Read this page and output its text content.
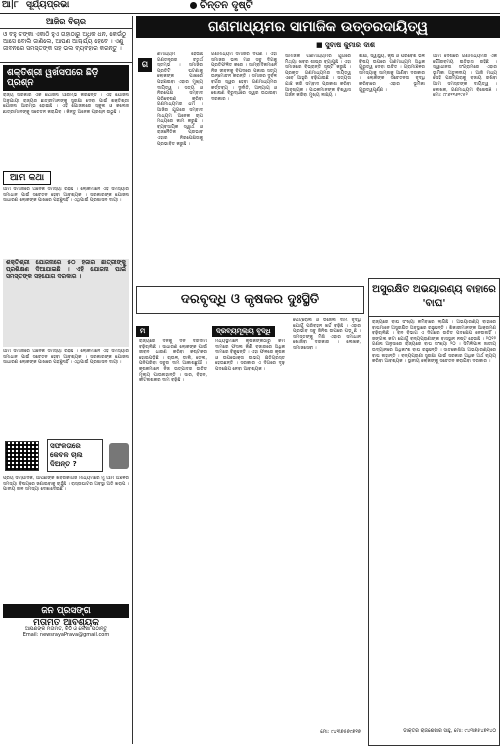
ଆ|୮ ସୂର୍ଯ୍ୟପ୍ରଭା	ଚିନ୍ତନ ଦୃଷ୍ଟି
ଆଜିର ବିଚାର
ଓ ବହୁ ଟଙ୍କା ଏକାଠି ହୁଏ ତାହାଠାରୁ ଅଧିକ ଧନ, କେଉଁଠୁ ଆସେ ବୋଲି ଜାଣିଲେ, ଆପଣ ଆଶ୍ଚର୍ଯ୍ୟ ହେବେ । ଏଣୁ ଜୀବନରେ ସମସ୍ତଙ୍କ ସହ ଭଲ ବ୍ୟବହାର କରନ୍ତୁ ।
ଶକ୍ତିଶ୍ରୀ ୱର୍ଖସପରେ ଛିଡ଼ି ପ୍ରଶ୍ନ
ରାଜ୍ୟ ସରକାର ଏକ ଯୋଜନା ଆରମ୍ଭ କରିଛନ୍ତି । ଏହି ଯୋଜନା ଅନୁଯାୟୀ ରାଜ୍ୟର ଛାତ୍ରୀମାନଙ୍କୁ ସୁରକ୍ଷା ଦେବା ପାଇଁ ଶକ୍ତିଶ୍ରୀ ଯୋଜନା ଆରମ୍ଭ ହୋଇଛି । ଏହି ଯୋଜନାରେ ସ୍କୁଲ ଓ କଲେଜ ଛାତ୍ରୀମାନଙ୍କୁ ସଚେତନ କରାଯିବ । କିନ୍ତୁ ଅନେକ ପ୍ରଶ୍ନ ଉଠୁଛି ।
ଆମ କଥା
ଆମ ସମାଜରେ ଅନେକ ସମସ୍ୟା ରହିଛି । ଲୋକମାନେ ଏହି ସମସ୍ୟାର ସମାଧାନ ପାଇଁ ସଚେତନ ହେବା ଆବଶ୍ୟକ । ସରକାରଙ୍କ ଯୋଜନା ସାଧାରଣ ଲୋକଙ୍କ ପାଖରେ ପହଞ୍ଚୁନାହିଁ । ଏଥିପାଇଁ ପ୍ରଶାସନ ଦାୟୀ ।
ଶକ୍ତିଶ୍ରୀ ଯୋଜନାରେ ୫୦ ହଜାର ଛାତ୍ରୀଙ୍କୁ ପ୍ରଶିକ୍ଷଣ ଦିଆଯାଇଛି । ଏହି ଯୋଜନା ପାଇଁ ସମସ୍ତଙ୍କ ସହଯୋଗ ଦରକାର ।
ଆମ ସମାଜରେ ଅନେକ ସମସ୍ୟା ରହିଛି । ଲୋକମାନେ ଏହି ସମସ୍ୟାର ସମାଧାନ ପାଇଁ ସଚେତନ ହେବା ଆବଶ୍ୟକ । ସରକାରଙ୍କ ଯୋଜନା ସାଧାରଣ ଲୋକଙ୍କ ପାଖରେ ପହଞ୍ଚୁନାହିଁ । ଏଥିପାଇଁ ପ୍ରଶାସନ ଦାୟୀ ।
ସଫଳତାରେ କେବଳ ଚାଲ ଦିଅନ୍ତ ?
ପ୍ରିୟ ସମ୍ପାଦକ, ଆପଣଙ୍କ ଖବରକାଗଜ ମାଧ୍ୟମରେ ମୁଁ ଆମ ଅଞ୍ଚଳର ସମସ୍ୟା ବିଷୟରେ ଜଣାଇବାକୁ ଚାହୁଁଛି । ରାସ୍ତାଘାଟର ଅବସ୍ଥା ଅତି ଖରାପ । ପାନୀୟ ଜଳ ସମସ୍ୟା ଦେଖାଦେଇଛି ।
ଜନ ପ୍ରସଙ୍ଗ
ମତାମତ ଆବଶ୍ୟକ
ଆପଣଙ୍କ ମତାମତ, ଚିଠି ଓ ଲେଖା ପଠାନ୍ତୁ
Email: newsrayaPrava@gmail.com
ଗଣମାଧ୍ୟମର ସାମାଜିକ ଉତ୍ତରଦାୟିତ୍ୱ
■ ସୁବାଷ କୁମାର ଦାଶ
ଗ
ଣମାଧ୍ୟମ ହେଉଛି ଗଣତନ୍ତ୍ରର ଚତୁର୍ଥ ସ୍ତମ୍ଭ । ସମାଜର ପ୍ରତିଟି ଘଟଣାକୁ ଲୋକଙ୍କ ପାଖରେ ପହଞ୍ଚାଇବା ଏହାର ମୁଖ୍ୟ ଦାୟିତ୍ୱ । ସତ୍ୟ ଓ ନିରପେକ୍ଷ ସମ୍ବାଦ ପରିବେଷଣ କରିବା ଗଣମାଧ୍ୟମର ଧର୍ମ । ଆଜିର ଯୁଗରେ ସମ୍ବାଦ ମାଧ୍ୟମ ଅନେକ ଚାପ ମଧ୍ୟରେ କାମ କରୁଛି । ବ୍ୟବସାୟିକ ସ୍ୱାର୍ଥ ଓ ରାଜନୈତିକ ପ୍ରଭାବ ଏହାର ନିରପେକ୍ଷତାକୁ ପ୍ରଭାବିତ କରୁଛି ।
ଗଣମାଧ୍ୟମ ସମାଜର ଦର୍ପଣ । ଏହା ସମାଜର ଭଲ ମନ୍ଦ ସବୁ ଦିଗକୁ ପ୍ରତିଫଳିତ କରେ । ସାମ୍ବାଦିକମାନେ ନିଜ ଜୀବନକୁ ବିପଦରେ ପକାଇ ସତ୍ୟ ଉନ୍ମୋଚନ କରନ୍ତି । ସମାଜର ଦୁର୍ବଳ ବର୍ଗର ସ୍ୱର ହେବା ଗଣମାଧ୍ୟମର କର୍ତ୍ତବ୍ୟ । ଦୁର୍ନୀତି, ଅନ୍ୟାୟ ଓ ଶୋଷଣ ବିରୁଦ୍ଧରେ ସ୍ୱର ଉଠାଇବା ଦରକାର ।
ସାମାଜିକ ଗଣମାଧ୍ୟମର ଯୁଗରେ ମିଥ୍ୟା ଖବର ଶୀଘ୍ର ବ୍ୟାପୁଛି । ଏହା ସମାଜରେ ବିଭ୍ରାନ୍ତି ସୃଷ୍ଟି କରୁଛି । ପ୍ରକୃତ ଗଣମାଧ୍ୟମର ଦାୟିତ୍ୱ ଏବେ ଆହୁରି ବଢ଼ିଯାଇଛି । ସତ୍ୟତା ଯାଞ୍ଚ କରି ସମ୍ବାଦ ପ୍ରକାଶ କରିବା ଆବଶ୍ୟକ । ପାଠକମାନଙ୍କ ବିଶ୍ୱାସ ଅର୍ଜନ କରିବା ମୁଖ୍ୟ ଲକ୍ଷ୍ୟ ।
ଶିକ୍ଷା, ସ୍ୱାସ୍ଥ୍ୟ, କୃଷି ଓ ପରିବେଶ ଭଳି ବିଷୟ ଉପରେ ଗଣମାଧ୍ୟମ ଅଧିକ ଗୁରୁତ୍ୱ ଦେବା ଉଚିତ । ଗ୍ରାମାଞ୍ଚଳର ସମସ୍ୟାକୁ ସାମ୍ନାକୁ ଆଣିବା ଦରକାର । ଲୋକଙ୍କ ସଚେତନତା ବୃଦ୍ଧି କରିବାରେ ଏହାର ଭୂମିକା ଗୁରୁତ୍ୱପୂର୍ଣ୍ଣ ।
ଆମ ଦେଶରେ ଗଣମାଧ୍ୟମର ଏକ ଗୌରବମୟ ଇତିହାସ ରହିଛି । ସ୍ୱାଧୀନତା ସଂଗ୍ରାମରେ ଏହାର ଭୂମିକା ଅତୁଳନୀୟ । ଆଜି ମଧ୍ୟ ସେହି ପରମ୍ପରାକୁ ବଜାୟ ରଖିବା ଆମ ସମସ୍ତଙ୍କ ଦାୟିତ୍ୱ । ଲେଖକ, ଗଣମାଧ୍ୟମ ବିଶେଷଜ୍ଞ । ମୋ: ୯୮୬୧୧୬୧୯୫୨
ଦରବୃଦ୍ଧି ଓ କୃଷକର ଦୁଃସ୍ଥିତି
ମ
ରାଜ୍ୟରେ ଦିନକୁ ଦିନ ଦରଦାମ ବଢ଼ିଚାଲିଛି । ସାଧାରଣ ଲୋକଙ୍କ ପାଇଁ ଜୀବନ ଧାରଣ କରିବା କଷ୍ଟକର ହୋଇପଡ଼ିଛି । ଚାଉଳ, ଡାଲି, ତେଲ, ପନିପରିବା ସବୁର ଦାମ ଆକାଶଛୁଆଁ । କୃଷକମାନେ ନିଜ ଉତ୍ପାଦର ଉଚିତ ମୂଲ୍ୟ ପାଉନାହାନ୍ତି । ସାର, ବିହନ, କୀଟନାଶକର ଦାମ ବଢ଼ିଛି ।
ଦ୍ରବ୍ୟମୂଲ୍ୟ ବୃଦ୍ଧି
ମଧ୍ୟସ୍ଥିମାନେ କୃଷକଙ୍କଠାରୁ କମ ଦାମରେ ଫସଲ କିଣି ବଜାରରେ ଅଧିକ ଦାମରେ ବିକୁଛନ୍ତି । ଏହା ଫଳରେ କୃଷକ ଓ ଉପଭୋକ୍ତା ଉଭୟ କ୍ଷତିଗ୍ରସ୍ତ ହେଉଛନ୍ତି । ସରକାର ଏ ଦିଗରେ ଦୃଢ଼ ପଦକ୍ଷେପ ନେବା ଆବଶ୍ୟକ ।
ପେଟ୍ରୋଲ ଓ ଡିଜେଲ ଦାମ ବୃଦ୍ଧି ଯୋଗୁଁ ପରିବହନ ଖର୍ଚ୍ଚ ବଢ଼ିଛି । ଏହାର ପ୍ରଭାବ ସବୁ ଜିନିଷ ଉପରେ ପଡ଼ୁଛି । ସମସ୍ତଙ୍କୁ ମିଶି ଏହାର ସମାଧାନ ଖୋଜିବା ଦରକାର । ଲେଖକ, ସମାଜସେବୀ ।
ମୋ: ୯୪୩୭୫୭୯୭୧୭
ଅସୁରକ୍ଷିତ ଅଭୟାରଣ୍ୟ ବାହାରେ 'ବାଘ'
ରାଜ୍ୟରେ ବାଘ ସଂଖ୍ୟା କମିବାରେ ଲାଗିଛି । ଅଭୟାରଣ୍ୟ ବାହାରେ ବାଘମାନେ ଅସୁରକ୍ଷିତ ଅବସ୍ଥାରେ ରହୁଛନ୍ତି । ଶିକାରୀମାନଙ୍କ ଆକ୍ରମଣ ବଢ଼ିଚାଲିଛି । ବନ ବିଭାଗ ଏ ଦିଗରେ ଉଚିତ ପଦକ୍ଷେପ ନେଉନାହିଁ । ଜଙ୍ଗଲ କଟା ଯୋଗୁଁ ବନ୍ୟପ୍ରାଣୀଙ୍କ ବାସସ୍ଥାନ ନଷ୍ଟ ହେଉଛି । ୨୦୨୨ ଗଣନା ଅନୁସାରେ ରାଜ୍ୟରେ ବାଘ ସଂଖ୍ୟା ୨୦ । ସିମିଳିପାଳ ଜାତୀୟ ଉଦ୍ୟାନରେ ଅଧିକାଂଶ ବାଘ ରହୁଛନ୍ତି । ସାତକୋଶିଆ ଅଭୟାରଣ୍ୟରେ ବାଘ ନାହାନ୍ତି । ବନ୍ୟପ୍ରାଣୀ ସୁରକ୍ଷା ପାଇଁ ସରକାର ଅଧିକ ଅର୍ଥ ବ୍ୟୟ କରିବା ଆବଶ୍ୟକ । ସ୍ଥାନୀୟ ଲୋକଙ୍କୁ ସଚେତନ କରାଯିବା ଦରକାର ।
ଡାକ୍ତର ରାଜଶେଖର ସାହୁ, ମୋ: ୯୪୩୭୫୪୭୧୪୦
